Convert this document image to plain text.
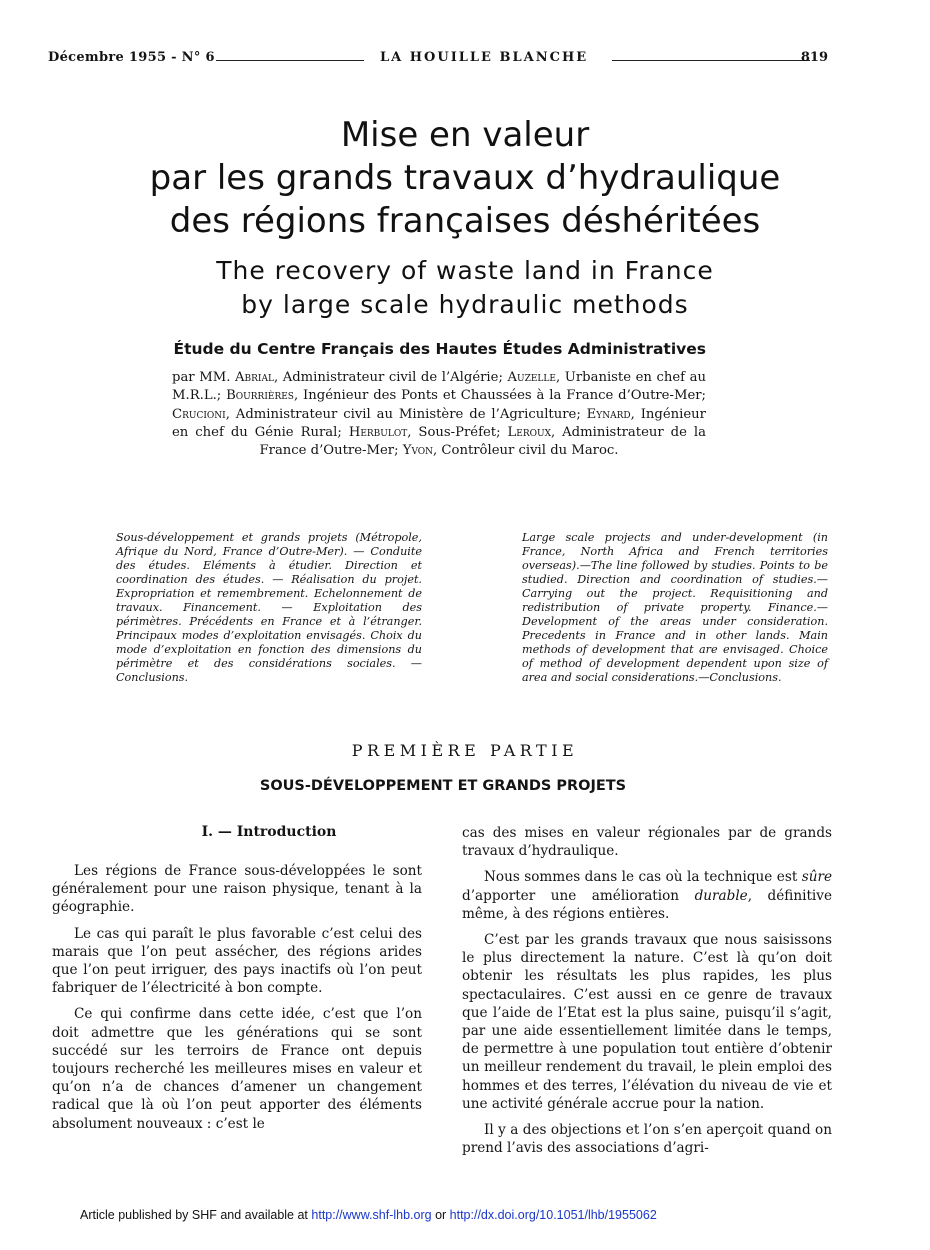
Décembre 1955 - N° 6	LA HOUILLE BLANCHE	819
Mise en valeur
par les grands travaux d’hydraulique
des régions françaises déshéritées
The recovery of waste land in France
by large scale hydraulic methods
Étude du Centre Français des Hautes Études Administratives
par MM. Abrial, Administrateur civil de l’Algérie; Auzelle, Urbaniste en chef au M.R.L.; Bourrières, Ingénieur des Ponts et Chaussées à la France d’Outre-Mer; Crucioni, Administrateur civil au Ministère de l’Agriculture; Eynard, Ingénieur en chef du Génie Rural; Herbulot, Sous-Préfet; Leroux, Administrateur de la France d’Outre-Mer; Yvon, Contrôleur civil du Maroc.
Sous-développement et grands projets (Métropole, Afrique du Nord, France d’Outre-Mer). — Conduite des études. Eléments à étudier. Direction et coordination des études. — Réalisation du projet. Expropriation et remembrement. Echelonnement de travaux. Financement. — Exploitation des périmètres. Précédents en France et à l’étranger. Principaux modes d’exploitation envisagés. Choix du mode d’exploitation en fonction des dimensions du périmètre et des considérations sociales. — Conclusions.
Large scale projects and under-development (in France, North Africa and French territories overseas).—The line followed by studies. Points to be studied. Direction and coordination of studies.—Carrying out the project. Requisitioning and redistribution of private property. Finance.—Development of the areas under consideration. Precedents in France and in other lands. Main methods of development that are envisaged. Choice of method of development dependent upon size of area and social considerations.—Conclusions.
PREMIÈRE PARTIE
SOUS-DÉVELOPPEMENT ET GRANDS PROJETS
I. — Introduction

Les régions de France sous-développées le sont généralement pour une raison physique, tenant à la géographie.

Le cas qui paraît le plus favorable c’est celui des marais que l’on peut assécher, des régions arides que l’on peut irriguer, des pays inactifs où l’on peut fabriquer de l’électricité à bon compte.

Ce qui confirme dans cette idée, c’est que l’on doit admettre que les générations qui se sont succédé sur les terroirs de France ont depuis toujours recherché les meilleures mises en valeur et qu’on n’a de chances d’amener un changement radical que là où l’on peut apporter des éléments absolument nouveaux : c’est le

cas des mises en valeur régionales par de grands travaux d’hydraulique.

Nous sommes dans le cas où la technique est sûre d’apporter une amélioration durable, définitive même, à des régions entières.

C’est par les grands travaux que nous saisissons le plus directement la nature. C’est là qu’on doit obtenir les résultats les plus rapides, les plus spectaculaires. C’est aussi en ce genre de travaux que l’aide de l’Etat est la plus saine, puisqu’il s’agit, par une aide essentiellement limitée dans le temps, de permettre à une population tout entière d’obtenir un meilleur rendement du travail, le plein emploi des hommes et des terres, l’élévation du niveau de vie et une activité générale accrue pour la nation.

Il y a des objections et l’on s’en aperçoit quand on prend l’avis des associations d’agri-

Article published by SHF and available at http://www.shf-lhb.org or http://dx.doi.org/10.1051/lhb/1955062
